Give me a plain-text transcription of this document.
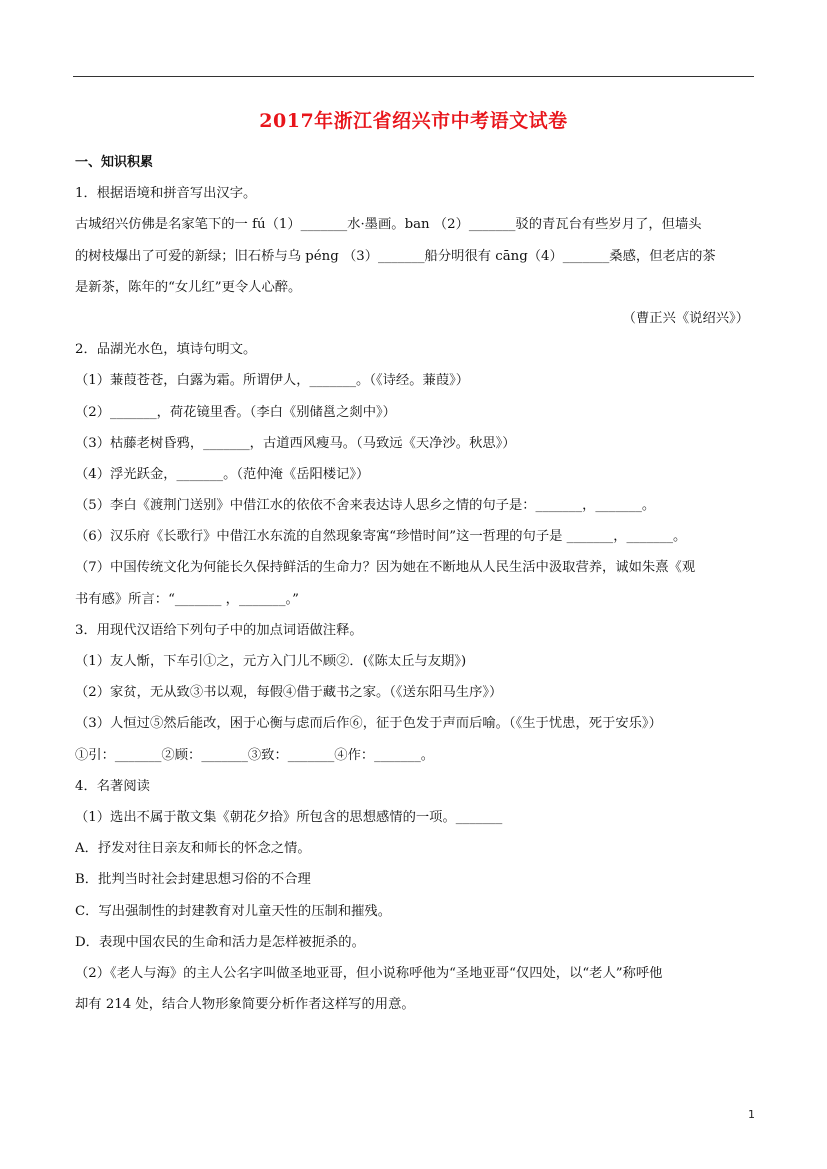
2017年浙江省绍兴市中考语文试卷
一、知识积累
1．根据语境和拼音写出汉字。
古城绍兴仿佛是名家笔下的一 fú（1）_______水·墨画。ban （2）_______驳的青瓦台有些岁月了，但墙头
的树枝爆出了可爱的新绿；旧石桥与乌 péng （3）_______船分明很有 cāng（4）_______桑感，但老店的茶
是新茶，陈年的“女儿红”更令人心醉。
（曹正兴《说绍兴》）
2．品湖光水色，填诗句明文。
（1）蒹葭苍苍，白露为霜。所谓伊人，_______。（《诗经。蒹葭》）
（2）_______，荷花镜里香。（李白《别储邕之剡中》）
（3）枯藤老树昏鸦，_______，古道西风瘦马。（马致远《天净沙。秋思》）
（4）浮光跃金，_______。（范仲淹《岳阳楼记》）
（5）李白《渡荆门送别》中借江水的依依不舍来表达诗人思乡之情的句子是：_______，_______。
（6）汉乐府《长歌行》中借江水东流的自然现象寄寓“珍惜时间”这一哲理的句子是 _______，_______。
（7）中国传统文化为何能长久保持鲜活的生命力？因为她在不断地从人民生活中汲取营养，诚如朱熹《观
书有感》所言：“_______ ，_______。”
3．用现代汉语给下列句子中的加点词语做注释。
（1）友人惭，下车引①之，元方入门儿不顾②．(《陈太丘与友期》)
（2）家贫，无从致③书以观，每假④借于藏书之家。（《送东阳马生序》）
（3）人恒过⑤然后能改，困于心衡与虑而后作⑥，征于色发于声而后喻。（《生于忧患，死于安乐》）
①引：_______②顾：_______③致：_______④作：_______。
4．名著阅读
（1）选出不属于散文集《朝花夕拾》所包含的思想感情的一项。_______
A．抒发对往日亲友和师长的怀念之情。
B．批判当时社会封建思想习俗的不合理
C．写出强制性的封建教育对儿童天性的压制和摧残。
D．表现中国农民的生命和活力是怎样被扼杀的。
（2）《老人与海》的主人公名字叫做圣地亚哥，但小说称呼他为“圣地亚哥“仅四处，以“老人”称呼他
却有 214 处，结合人物形象简要分析作者这样写的用意。
1
